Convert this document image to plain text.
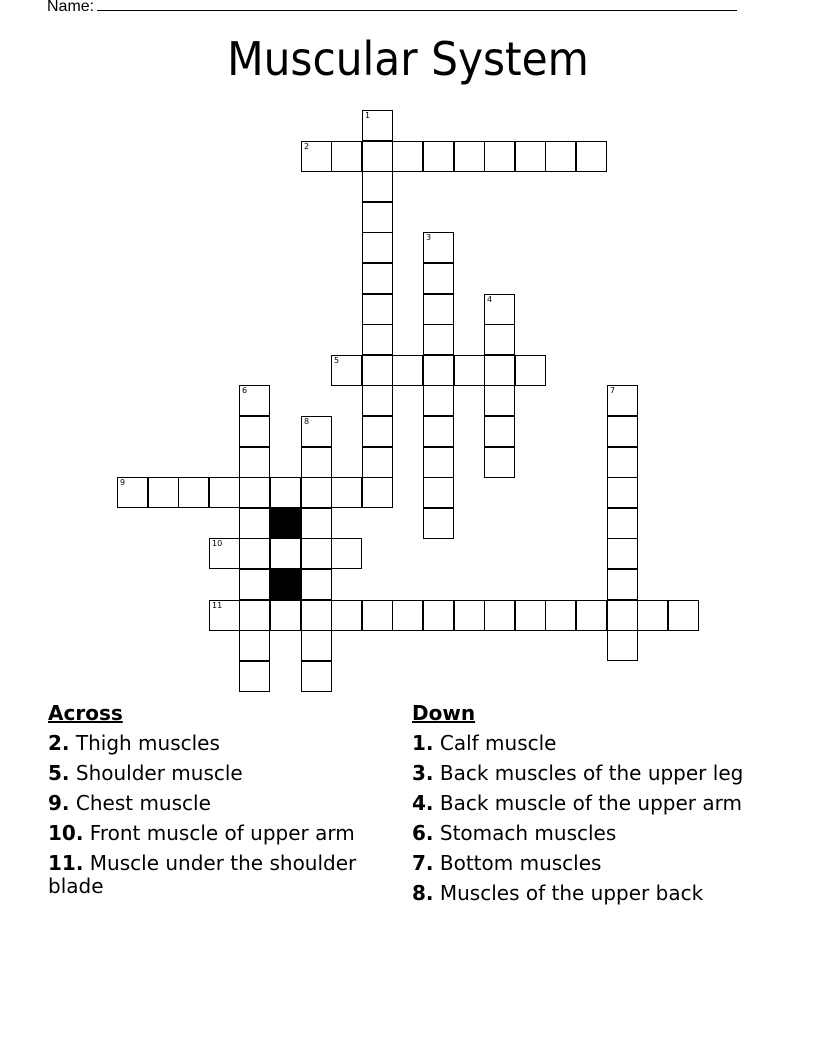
Name:
Muscular System
1
2
3
4
5
6	7
8
9
10
11
Across
2. Thigh muscles
5. Shoulder muscle
9. Chest muscle
10. Front muscle of upper arm
11. Muscle under the shoulder blade
Down
1. Calf muscle
3. Back muscles of the upper leg
4. Back muscle of the upper arm
6. Stomach muscles
7. Bottom muscles
8. Muscles of the upper back
